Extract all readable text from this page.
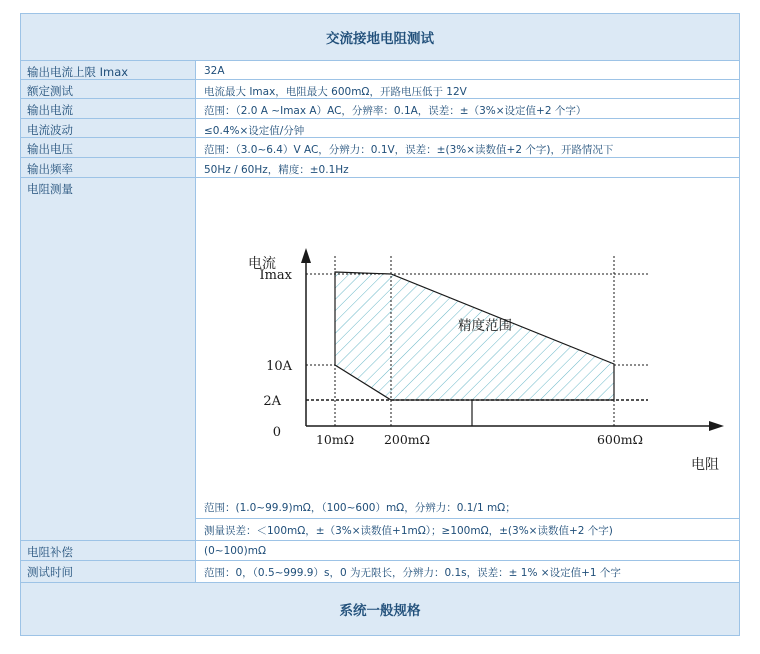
交流接地电阻测试
输出电流上限 Imax	32A
额定测试	电流最大 Imax，电阻最大 600mΩ，开路电压低于 12V
输出电流	范围：（2.0 A ~Imax A）AC，分辨率：0.1A，误差：±（3%×设定值+2 个字）
电流波动	≤0.4%×设定值/分钟
输出电压	范围：（3.0~6.4）V AC，分辨力：0.1V，误差：±(3%×读数值+2 个字)，开路情况下
输出频率	50Hz / 60Hz，精度：±0.1Hz
电阻测量
电流
电阻
Imax
10A
2A
0	10mΩ 200mΩ	600mΩ
精度范围
范围：(1.0~99.9)mΩ，（100~600）mΩ，分辨力：0.1/1 mΩ；
测量误差：＜100mΩ，±（3%×读数值+1mΩ）；≥100mΩ，±(3%×读数值+2 个字)
电阻补偿	(0~100)mΩ
测试时间	范围：0，（0.5~999.9）s，0 为无限长，分辨力：0.1s，误差：± 1% ×设定值+1 个字
系统一般规格
